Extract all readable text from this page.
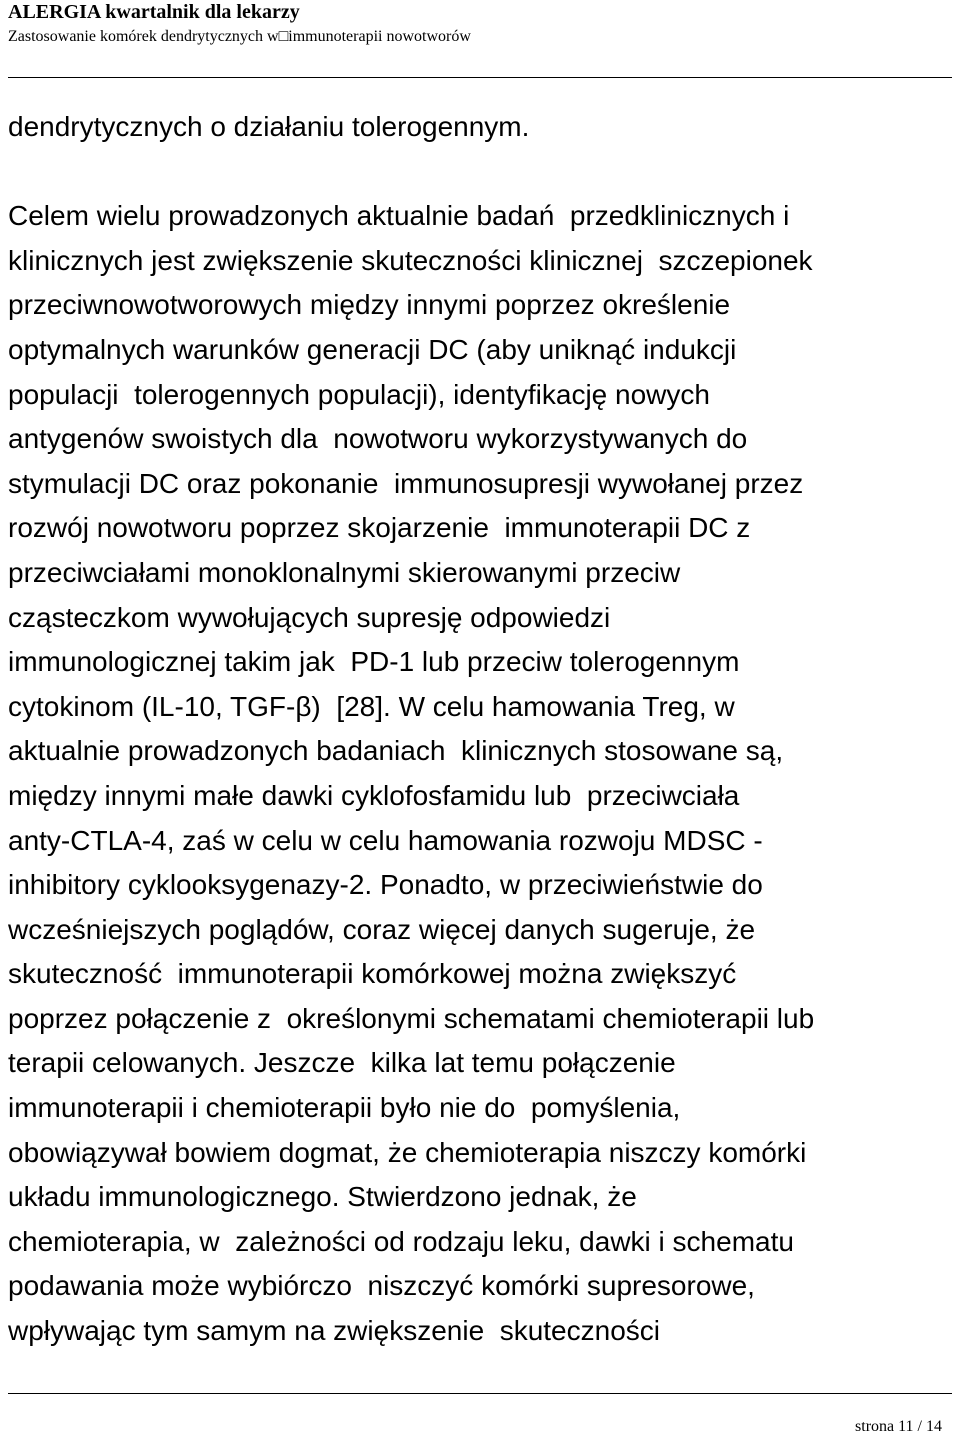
ALERGIA kwartalnik dla lekarzy
Zastosowanie komórek dendrytycznych w□immunoterapii nowotworów
dendrytycznych o działaniu tolerogennym.
Celem wielu prowadzonych aktualnie badań  przedklinicznych i
klinicznych jest zwiększenie skuteczności klinicznej  szczepionek
przeciwnowotworowych między innymi poprzez określenie
optymalnych warunków generacji DC (aby uniknąć indukcji
populacji  tolerogennych populacji), identyfikację nowych
antygenów swoistych dla  nowotworu wykorzystywanych do
stymulacji DC oraz pokonanie  immunosupresji wywołanej przez
rozwój nowotworu poprzez skojarzenie  immunoterapii DC z
przeciwciałami monoklonalnymi skierowanymi przeciw
cząsteczkom wywołujących supresję odpowiedzi
immunologicznej takim jak  PD-1 lub przeciw tolerogennym
cytokinom (IL-10, TGF-β)  [28]. W celu hamowania Treg, w
aktualnie prowadzonych badaniach  klinicznych stosowane są,
między innymi małe dawki cyklofosfamidu lub  przeciwciała
anty-CTLA-4, zaś w celu w celu hamowania rozwoju MDSC -
inhibitory cyklooksygenazy-2. Ponadto, w przeciwieństwie do
wcześniejszych poglądów, coraz więcej danych sugeruje, że
skuteczność  immunoterapii komórkowej można zwiększyć
poprzez połączenie z  określonymi schematami chemioterapii lub
terapii celowanych. Jeszcze  kilka lat temu połączenie
immunoterapii i chemioterapii było nie do  pomyślenia,
obowiązywał bowiem dogmat, że chemioterapia niszczy komórki
układu immunologicznego. Stwierdzono jednak, że
chemioterapia, w  zależności od rodzaju leku, dawki i schematu
podawania może wybiórczo  niszczyć komórki supresorowe,
wpływając tym samym na zwiększenie  skuteczności
strona 11 / 14
